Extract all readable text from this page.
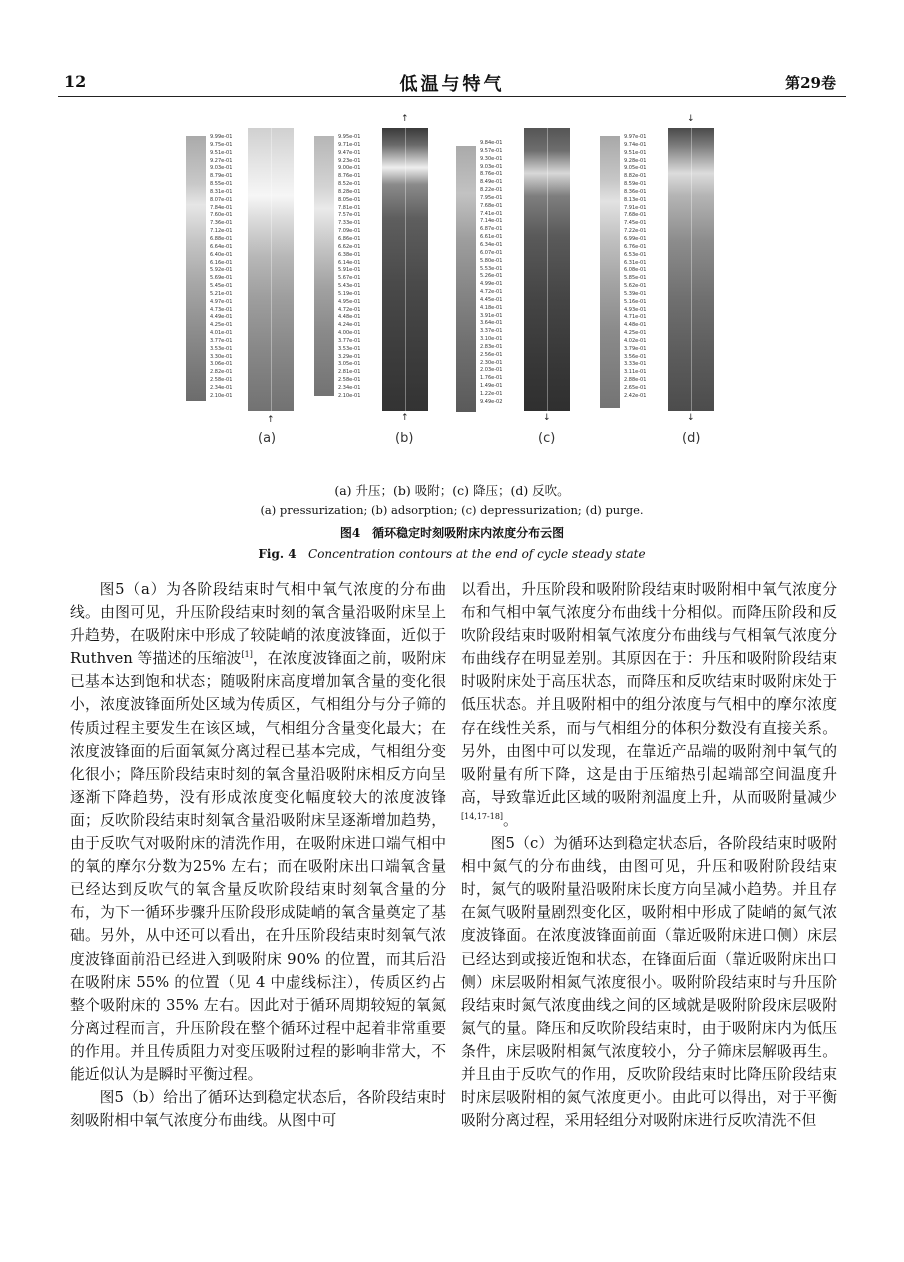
12	低温与特气	第29卷
9.99e-01
9.75e-01
9.51e-01
9.27e-01
9.03e-01
8.79e-01
8.55e-01
8.31e-01
8.07e-01
7.84e-01
7.60e-01
7.36e-01
7.12e-01
6.88e-01
6.64e-01
6.40e-01
6.16e-01
5.92e-01
5.69e-01
5.45e-01
5.21e-01
4.97e-01
4.73e-01
4.49e-01
4.25e-01
4.01e-01
3.77e-01
3.53e-01
3.30e-01
3.06e-01
2.82e-01
2.58e-01
2.34e-01
2.10e-01
↑
(a)
9.95e-01
9.71e-01
9.47e-01
9.23e-01
9.00e-01
8.76e-01
8.52e-01
8.28e-01
8.05e-01
7.81e-01
7.57e-01
7.33e-01
7.09e-01
6.86e-01
6.62e-01
6.38e-01
6.14e-01
5.91e-01
5.67e-01
5.43e-01
5.19e-01
4.95e-01
4.72e-01
4.48e-01
4.24e-01
4.00e-01
3.77e-01
3.53e-01
3.29e-01
3.05e-01
2.81e-01
2.58e-01
2.34e-01
2.10e-01
↑
↑
(b)
9.84e-01
9.57e-01
9.30e-01
9.03e-01
8.76e-01
8.49e-01
8.22e-01
7.95e-01
7.68e-01
7.41e-01
7.14e-01
6.87e-01
6.61e-01
6.34e-01
6.07e-01
5.80e-01
5.53e-01
5.26e-01
4.99e-01
4.72e-01
4.45e-01
4.18e-01
3.91e-01
3.64e-01
3.37e-01
3.10e-01
2.83e-01
2.56e-01
2.30e-01
2.03e-01
1.76e-01
1.49e-01
1.22e-01
9.49e-02
↓
(c)
9.97e-01
9.74e-01
9.51e-01
9.28e-01
9.05e-01
8.82e-01
8.59e-01
8.36e-01
8.13e-01
7.91e-01
7.68e-01
7.45e-01
7.22e-01
6.99e-01
6.76e-01
6.53e-01
6.31e-01
6.08e-01
5.85e-01
5.62e-01
5.39e-01
5.16e-01
4.93e-01
4.71e-01
4.48e-01
4.25e-01
4.02e-01
3.79e-01
3.56e-01
3.33e-01
3.11e-01
2.88e-01
2.65e-01
2.42e-01
↓
↓
(d)
(a) 升压；(b) 吸附；(c) 降压；(d) 反吹。
(a) pressurization; (b) adsorption; (c) depressurization; (d) purge.
图4　循环稳定时刻吸附床内浓度分布云图
Fig. 4 Concentration contours at the end of cycle steady state

图5（a）为各阶段结束时气相中氧气浓度的分布曲线。由图可见，升压阶段结束时刻的氧含量沿吸附床呈上升趋势，在吸附床中形成了较陡峭的浓度波锋面，近似于 Ruthven 等描述的压缩波[1]，在浓度波锋面之前，吸附床已基本达到饱和状态；随吸附床高度增加氧含量的变化很小，浓度波锋面所处区域为传质区，气相组分与分子筛的传质过程主要发生在该区域，气相组分含量变化最大；在浓度波锋面的后面氧氮分离过程已基本完成，气相组分变化很小；降压阶段结束时刻的氧含量沿吸附床相反方向呈逐渐下降趋势，没有形成浓度变化幅度较大的浓度波锋面；反吹阶段结束时刻氧含量沿吸附床呈逐渐增加趋势，由于反吹气对吸附床的清洗作用，在吸附床进口端气相中的氧的摩尔分数为25% 左右；而在吸附床出口端氧含量已经达到反吹气的氧含量反吹阶段结束时刻氧含量的分布，为下一循环步骤升压阶段形成陡峭的氧含量奠定了基础。另外，从中还可以看出，在升压阶段结束时刻氧气浓度波锋面前沿已经进入到吸附床 90% 的位置，而其后沿在吸附床 55% 的位置（见 4 中虚线标注），传质区约占整个吸附床的 35% 左右。因此对于循环周期较短的氧氮分离过程而言，升压阶段在整个循环过程中起着非常重要的作用。并且传质阻力对变压吸附过程的影响非常大，不能近似认为是瞬时平衡过程。

图5（b）给出了循环达到稳定状态后，各阶段结束时刻吸附相中氧气浓度分布曲线。从图中可

以看出，升压阶段和吸附阶段结束时吸附相中氧气浓度分布和气相中氧气浓度分布曲线十分相似。而降压阶段和反吹阶段结束时吸附相氧气浓度分布曲线与气相氧气浓度分布曲线存在明显差别。其原因在于：升压和吸附阶段结束时吸附床处于高压状态，而降压和反吹结束时吸附床处于低压状态。并且吸附相中的组分浓度与气相中的摩尔浓度存在线性关系，而与气相组分的体积分数没有直接关系。另外，由图中可以发现，在靠近产品端的吸附剂中氧气的吸附量有所下降，这是由于压缩热引起端部空间温度升高，导致靠近此区域的吸附剂温度上升，从而吸附量减少[14,17-18]。

图5（c）为循环达到稳定状态后，各阶段结束时吸附相中氮气的分布曲线，由图可见，升压和吸附阶段结束时，氮气的吸附量沿吸附床长度方向呈减小趋势。并且存在氮气吸附量剧烈变化区，吸附相中形成了陡峭的氮气浓度波锋面。在浓度波锋面前面（靠近吸附床进口侧）床层已经达到或接近饱和状态，在锋面后面（靠近吸附床出口侧）床层吸附相氮气浓度很小。吸附阶段结束时与升压阶段结束时氮气浓度曲线之间的区域就是吸附阶段床层吸附氮气的量。降压和反吹阶段结束时，由于吸附床内为低压条件，床层吸附相氮气浓度较小，分子筛床层解吸再生。并且由于反吹气的作用，反吹阶段结束时比降压阶段结束时床层吸附相的氮气浓度更小。由此可以得出，对于平衡吸附分离过程，采用轻组分对吸附床进行反吹清洗不但
